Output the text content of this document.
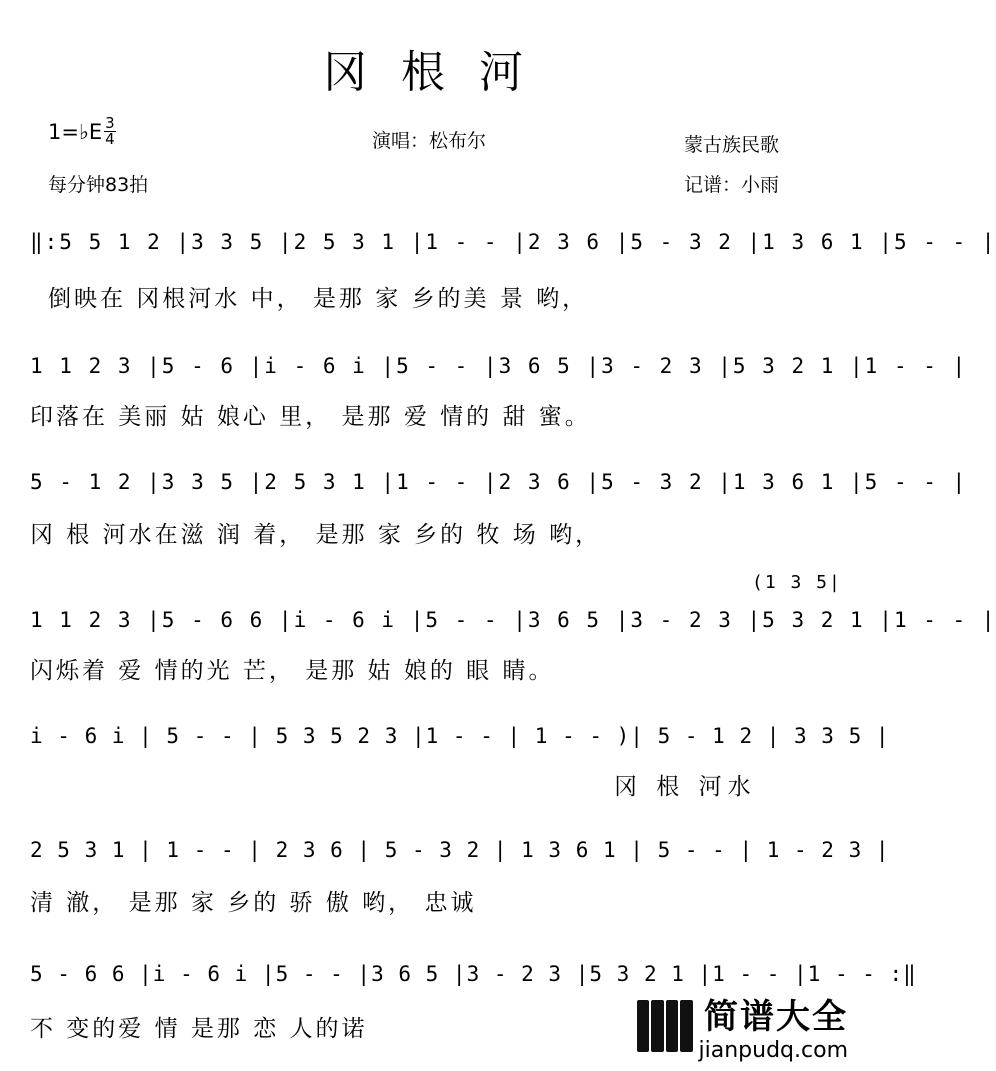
冈 根 河
1=♭E $\frac{3}{4}$
每分钟83拍
演唱：松布尔	蒙古族民歌
记谱：小雨
‖:5 5 1 2 |3 3 5 |2 5 3 1 |1 - - |2 3 6 |5 - 3 2 |1 3 6 1 |5 - - |
倒映在 冈根河水 中， 是那 家 乡的美 景 哟，
1 1 2 3 |5 - 6 |i - 6 i |5 - - |3 6 5 |3 - 2 3 |5 3 2 1 |1 - - |
印落在 美丽 姑 娘心 里， 是那 爱 情的 甜 蜜。
5 - 1 2 |3 3 5 |2 5 3 1 |1 - - |2 3 6 |5 - 3 2 |1 3 6 1 |5 - - |
冈 根 河水在滋 润 着， 是那 家 乡的 牧 场 哟，
(1 3 5|
1 1 2 3 |5 - 6 6 |i - 6 i |5 - - |3 6 5 |3 - 2 3 |5 3 2 1 |1 - - |
闪烁着 爱 情的光 芒， 是那 姑 娘的 眼 睛。
i - 6 i | 5 - - | 5 3 5 2 3 |1 - - | 1 - - )| 5 - 1 2 | 3 3 5 |
冈 根 河水
2 5 3 1 | 1 - - | 2 3 6 | 5 - 3 2 | 1 3 6 1 | 5 - - | 1 - 2 3 |
清 澈， 是那 家 乡的 骄 傲 哟， 忠诚
5 - 6 6 |i - 6 i |5 - - |3 6 5 |3 - 2 3 |5 3 2 1 |1 - - |1 - - :‖
不 变的爱 情 是那 恋 人的诺	简谱大全
jianpudq.com
